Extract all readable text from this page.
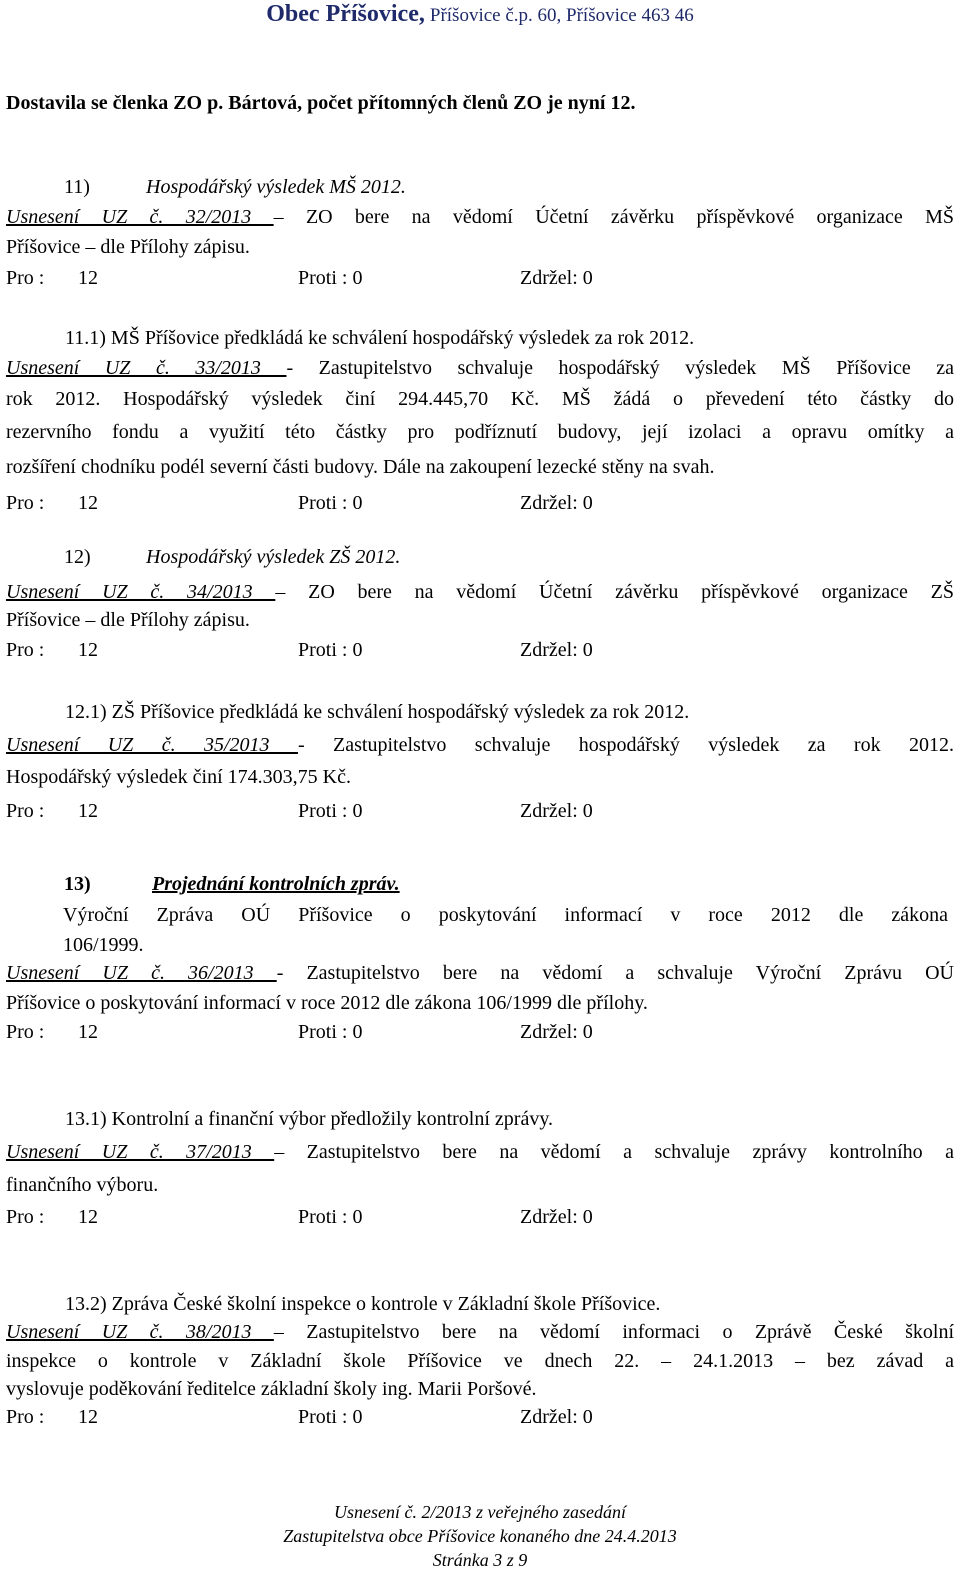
Obec Příšovice, Příšovice č.p. 60, Příšovice 463 46
Dostavila se členka ZO p. Bártová, počet přítomných členů ZO je nyní 12.
11)	Hospodářský výsledek MŠ 2012.
Usnesení UZ č. 32/2013 – ZO bere na vědomí Účetní závěrku příspěvkové organizace MŠ
Příšovice – dle Přílohy zápisu.
Pro : 12	Proti : 0	Zdržel: 0
11.1) MŠ Příšovice předkládá ke schválení hospodářský výsledek za rok 2012.
Usnesení UZ č. 33/2013 - Zastupitelstvo schvaluje hospodářský výsledek MŠ Příšovice za
rok 2012. Hospodářský výsledek činí 294.445,70 Kč. MŠ žádá o převedení této částky do
rezervního fondu a využití této částky pro podříznutí budovy, její izolaci a opravu omítky a
rozšíření chodníku podél severní části budovy. Dále na zakoupení lezecké stěny na svah.
Pro : 12	Proti : 0	Zdržel: 0
12)	Hospodářský výsledek ZŠ 2012.
Usnesení UZ č. 34/2013 – ZO bere na vědomí Účetní závěrku příspěvkové organizace ZŠ
Příšovice – dle Přílohy zápisu.
Pro : 12	Proti : 0	Zdržel: 0
12.1) ZŠ Příšovice předkládá ke schválení hospodářský výsledek za rok 2012.
Usnesení UZ č. 35/2013 - Zastupitelstvo schvaluje hospodářský výsledek za rok 2012.
Hospodářský výsledek činí 174.303,75 Kč.
Pro : 12	Proti : 0	Zdržel: 0
13)	Projednání kontrolních zpráv.
Výroční Zpráva OÚ Příšovice o poskytování informací v roce 2012 dle zákona
106/1999.
Usnesení UZ č. 36/2013 - Zastupitelstvo bere na vědomí a schvaluje Výroční Zprávu OÚ
Příšovice o poskytování informací v roce 2012 dle zákona 106/1999 dle přílohy.
Pro : 12	Proti : 0	Zdržel: 0
13.1) Kontrolní a finanční výbor předložily kontrolní zprávy.
Usnesení UZ č. 37/2013 – Zastupitelstvo bere na vědomí a schvaluje zprávy kontrolního a
finančního výboru.
Pro : 12	Proti : 0	Zdržel: 0
13.2) Zpráva České školní inspekce o kontrole v Základní škole Příšovice.
Usnesení UZ č. 38/2013 – Zastupitelstvo bere na vědomí informaci o Zprávě České školní
inspekce o kontrole v Základní škole Příšovice ve dnech 22. – 24.1.2013 – bez závad a
vyslovuje poděkování ředitelce základní školy ing. Marii Poršové.
Pro : 12	Proti : 0	Zdržel: 0
Usnesení č. 2/2013 z veřejného zasedání
Zastupitelstva obce Příšovice konaného dne 24.4.2013
Stránka 3 z 9
